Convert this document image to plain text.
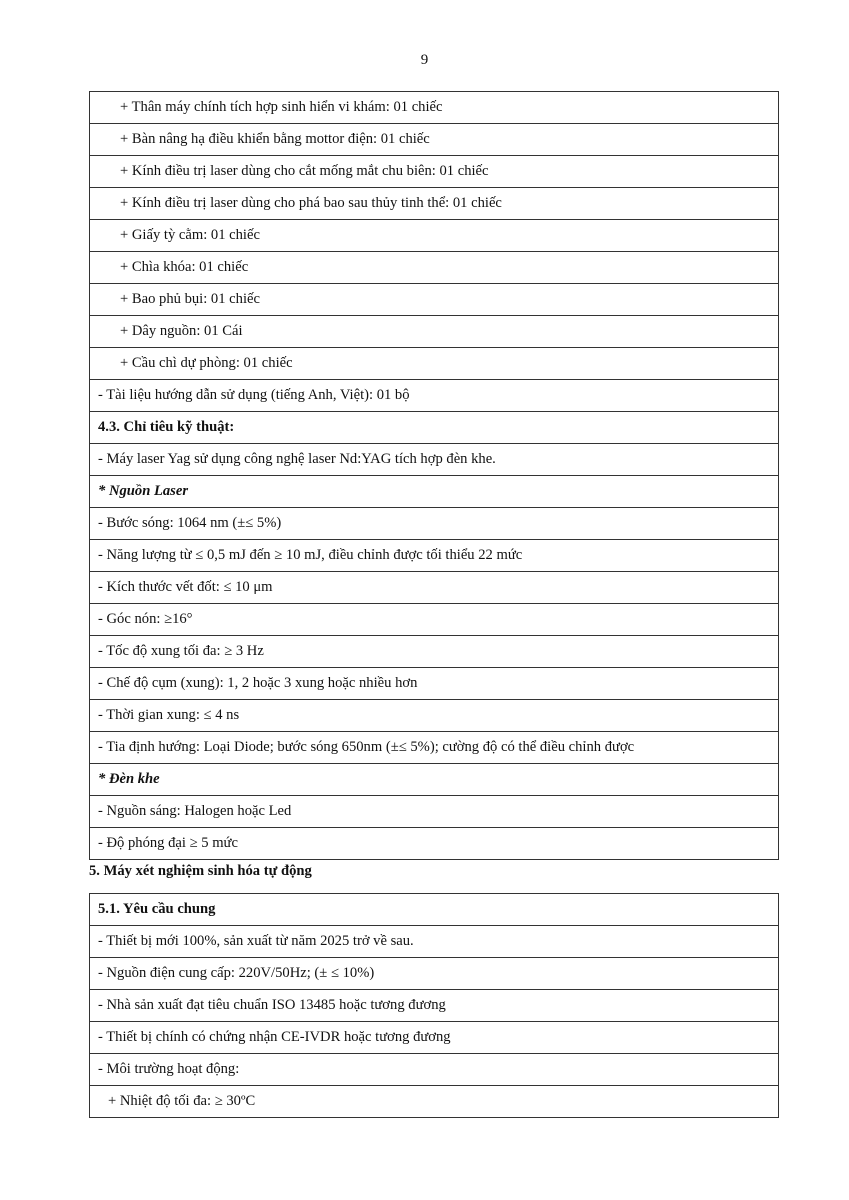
9
+ Thân máy chính tích hợp sinh hiển vi khám: 01 chiếc
+ Bàn nâng hạ điều khiển bằng mottor điện: 01 chiếc
+ Kính điều trị laser dùng cho cắt mống mắt chu biên: 01 chiếc
+ Kính điều trị laser dùng cho phá bao sau thủy tinh thể: 01 chiếc
+ Giấy tỳ cằm: 01 chiếc
+ Chìa khóa: 01 chiếc
+ Bao phủ bụi: 01 chiếc
+ Dây nguồn: 01 Cái
+ Cầu chì dự phòng: 01 chiếc
- Tài liệu hướng dẫn sử dụng (tiếng Anh, Việt): 01 bộ
4.3. Chỉ tiêu kỹ thuật:
- Máy laser Yag sử dụng công nghệ laser Nd:YAG tích hợp đèn khe.
* Nguồn Laser
- Bước sóng: 1064 nm (±≤ 5%)
- Năng lượng từ ≤ 0,5 mJ đến ≥ 10 mJ, điều chỉnh được tối thiểu 22 mức
- Kích thước vết đốt: ≤ 10 μm
- Góc nón: ≥16°
- Tốc độ xung tối đa: ≥ 3 Hz
- Chế độ cụm (xung): 1, 2 hoặc 3 xung hoặc nhiều hơn
- Thời gian xung: ≤ 4 ns
- Tia định hướng: Loại Diode; bước sóng 650nm (±≤ 5%); cường độ có thể điều chỉnh được
* Đèn khe
- Nguồn sáng: Halogen hoặc Led
- Độ phóng đại ≥ 5 mức
5. Máy xét nghiệm sinh hóa tự động
5.1. Yêu cầu chung
- Thiết bị mới 100%, sản xuất từ năm 2025 trở về sau.
- Nguồn điện cung cấp: 220V/50Hz; (± ≤ 10%)
- Nhà sản xuất đạt tiêu chuẩn ISO 13485 hoặc tương đương
- Thiết bị chính có chứng nhận CE-IVDR hoặc tương đương
- Môi trường hoạt động:
+ Nhiệt độ tối đa: ≥ 30ºC
